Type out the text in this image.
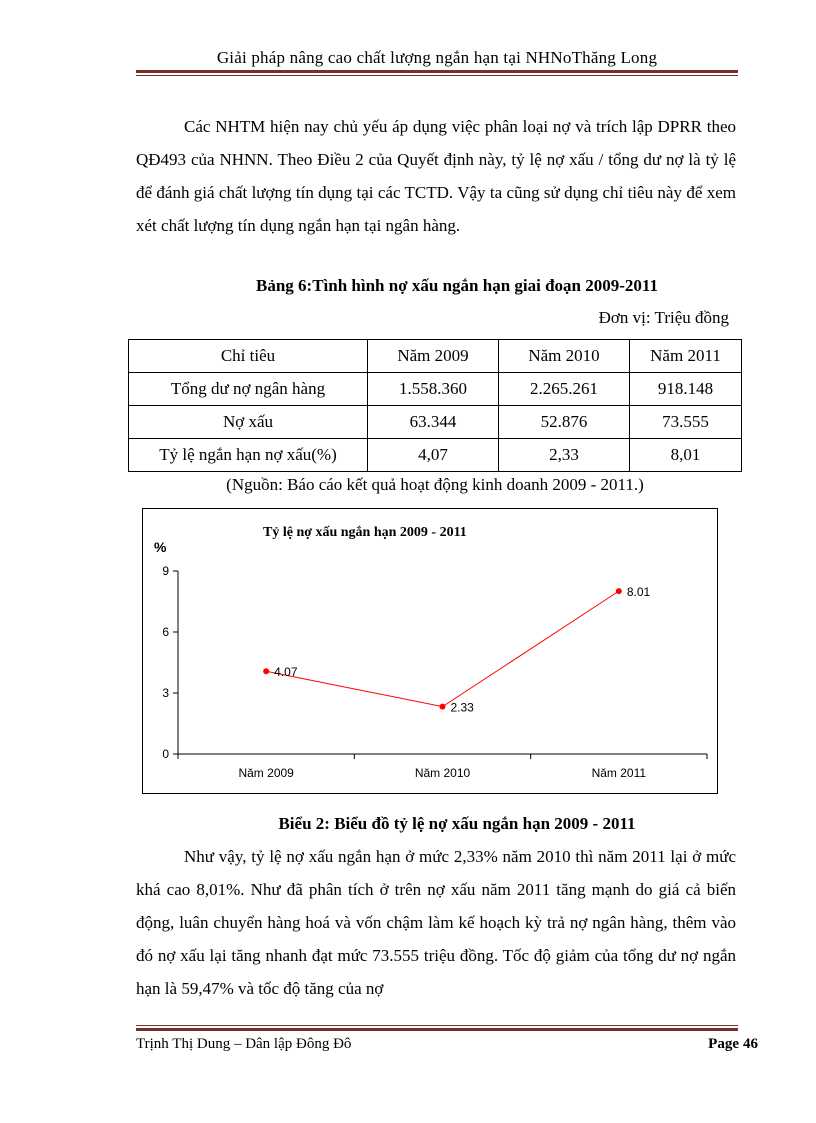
Giải pháp nâng cao chất lượng ngắn hạn tại NHNoThăng Long

Các NHTM hiện nay chủ yếu áp dụng việc phân loại nợ và trích lập DPRR theo QĐ493 của NHNN. Theo Điều 2 của Quyết định này, tỷ lệ nợ xấu / tổng dư nợ là tỷ lệ để đánh giá chất lượng tín dụng tại các TCTD. Vậy ta cũng sử dụng chỉ tiêu này để xem xét chất lượng tín dụng ngắn hạn tại ngân hàng.

Bảng 6:Tình hình nợ xấu ngắn hạn giai đoạn 2009-2011
Đơn vị: Triệu đồng
Chỉ tiêu	Năm 2009	Năm 2010	Năm 2011
Tổng dư nợ ngân hàng	1.558.360	2.265.261	918.148
Nợ xấu	63.344	52.876	73.555
Tỷ lệ ngắn hạn nợ xấu(%)	4,07	2,33	8,01
(Nguồn: Báo cáo kết quả hoạt động kinh doanh 2009 - 2011.)
Tỷ lệ nợ xấu ngắn hạn 2009 - 2011
%
0
3
6
9
Năm 2009	Năm 2010	Năm 2011
4.07
2.33
8.01
Biểu 2: Biểu đồ tỷ lệ nợ xấu ngắn hạn 2009 - 2011

Như vậy, tỷ lệ nợ xấu ngắn hạn ở mức 2,33% năm 2010 thì năm 2011 lại ở mức khá cao 8,01%. Như đã phân tích ở trên nợ xấu năm 2011 tăng mạnh do giá cả biến động, luân chuyển hàng hoá và vốn chậm làm kế hoạch kỳ trả nợ ngân hàng, thêm vào đó nợ xấu lại tăng nhanh đạt mức 73.555 triệu đồng. Tốc độ giảm của tổng dư nợ ngắn hạn là 59,47% và tốc độ tăng của nợ

Trịnh Thị Dung – Dân lập Đông Đô	Page 46
